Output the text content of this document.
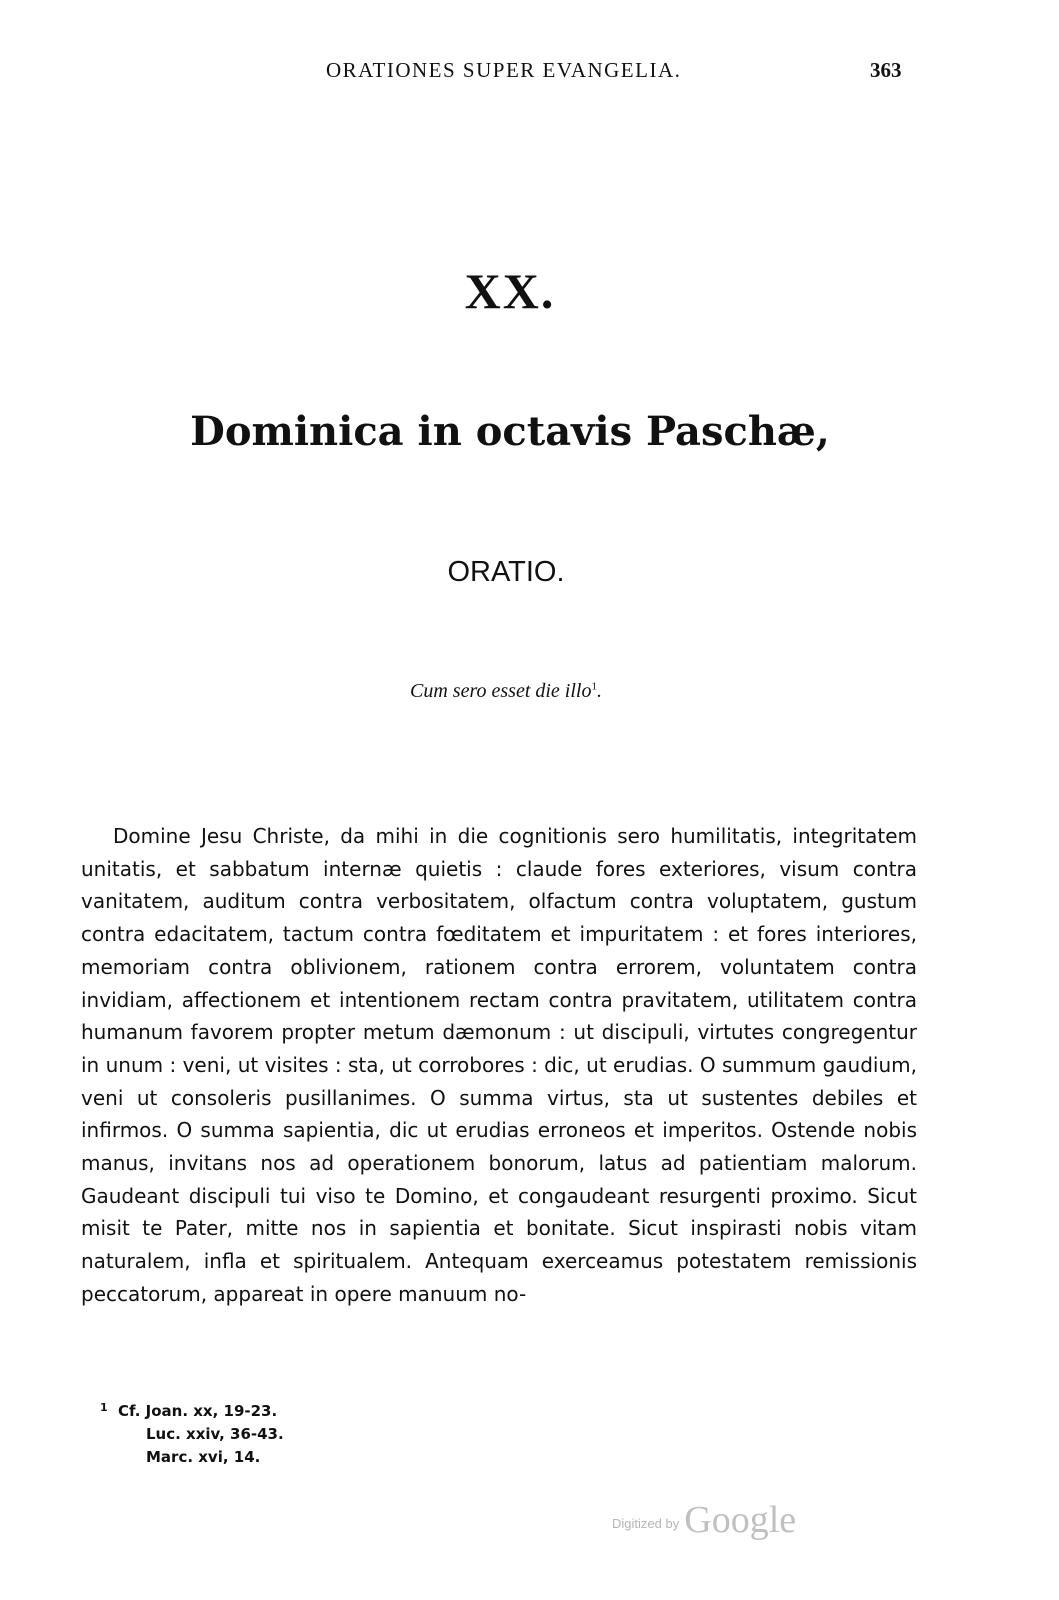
ORATIONES SUPER EVANGELIA.	363
XX.
Dominica in octavis Paschæ,
ORATIO.
Cum sero esset die illo$^1$.

Domine Jesu Christe, da mihi in die cognitionis sero humilitatis, integritatem unitatis, et sabbatum internæ quietis : claude fores exteriores, visum contra vanitatem, auditum contra verbositatem, olfactum contra voluptatem, gustum contra edacitatem, tactum contra fœditatem et impuritatem : et fores interiores, memoriam contra oblivionem, rationem contra errorem, voluntatem contra invidiam, affectionem et intentionem rectam contra pravitatem, utilitatem contra humanum favorem propter metum dæmonum : ut discipuli, virtutes congregentur in unum : veni, ut visites : sta, ut corrobores : dic, ut erudias. O summum gaudium, veni ut consoleris pusillanimes. O summa virtus, sta ut sustentes debiles et infirmos. O summa sapientia, dic ut erudias erroneos et imperitos. Ostende nobis manus, invitans nos ad operationem bonorum, latus ad patientiam malorum. Gaudeant discipuli tui viso te Domino, et congaudeant resurgenti proximo. Sicut misit te Pater, mitte nos in sapientia et bonitate. Sicut inspirasti nobis vitam naturalem, infla et spiritualem. Antequam exerceamus potestatem remissionis peccatorum, appareat in opere manuum no-

1 Cf. Joan. xx, 19-23.
Luc. xxiv, 36-43.
Marc. xvi, 14.
$^{Digitized by}$ Google
